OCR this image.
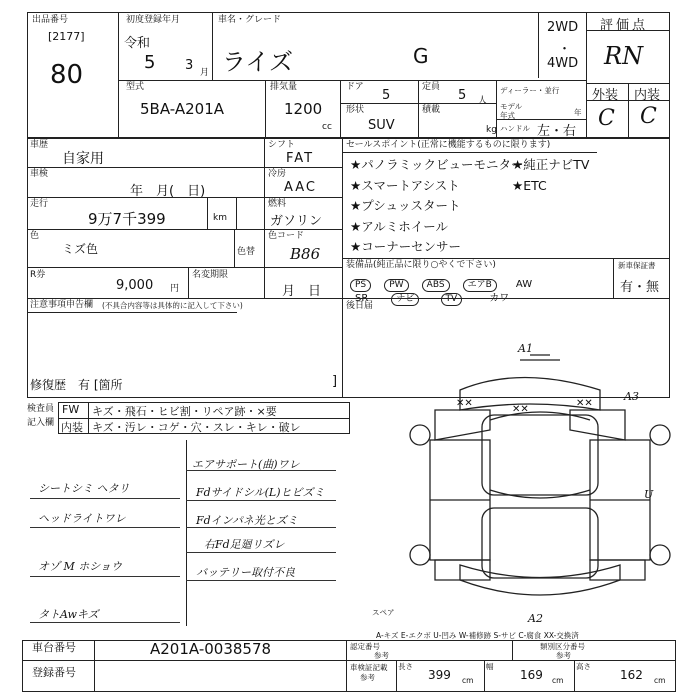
出品番号
[2177]
80
初度登録年月
令和
5 3 月
車名・グレード
ライズ	G
2WD
・
4WD
評価点
RN
型式
5BA-A201A
排気量
1200
cc
ドア
5
定員
5 人
ディーラー・並行
モデル年式	年
形状
SUV
積載
kg ハンドル 左・右
外装 内装
C C
車歴
自家用
車検
年　月(　日)
走行
9万7千399	km
色
ミズ色	色替
R券
9,000 円
名変期限
月　日
注意事項申告欄 (不具合内容等は具体的に記入して下さい)
修復歴　有 [箇所	]
シフト
FAT
冷房
AAC
燃料
ガソリン
色コード
B86
セールスポイント(正常に機能するものに限ります)
★パノラミックビューモニター
★スマートアシスト
★プシュッスタート
★アルミホイール
★コーナーセンサー
★純正ナビTV
★ETC
装備品(純正品に限り○やくで下さい)	新車保証書
有・無
PS	PW	ABS	エアB AW
SR	ナビ	TV	カワ
後日届
検査員
記入欄
FW キズ・飛石・ヒビ割・リペア跡・×要
内装 キズ・汚レ・コゲ・穴・スレ・キレ・破レ
シートシミ ヘタリ
ヘッドライトワレ
オゾ M ホショウ
タトAwキズ
エアサポート(曲)ワレ
Fdサイドシル(L)ヒビズミ
Fdインパネ光とズミ
右Fd足廻リズレ
バッテリー取付不良
A1
A3
A2
U
✕✕
✕✕
✕✕
スペア
A-キズ E-エクボ U-凹み W-補修跡 S-サビ C-腐食 XX-交換済
車台番号	A201A-0038578
登録番号
認定番号
参考
類別区分番号
参考
車検証記載
参考
長さ
399 cm
幅
169 cm
高さ
162 cm
